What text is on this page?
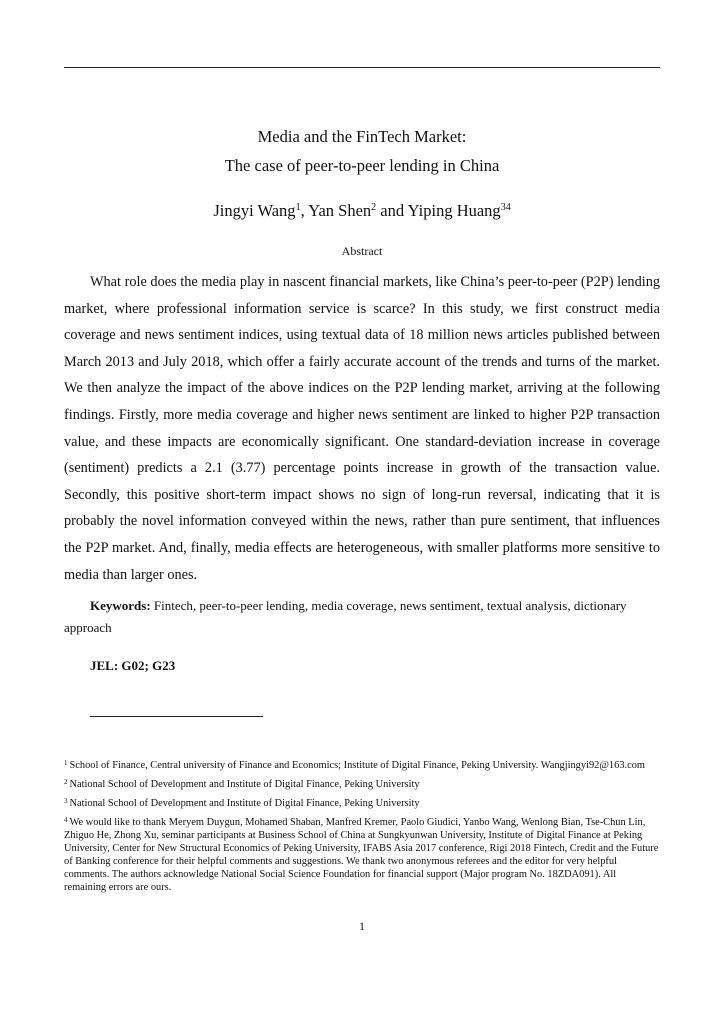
Media and the FinTech Market:
The case of peer-to-peer lending in China
Jingyi Wang$^1$, Yan Shen$^2$ and Yiping Huang$^{34}$
Abstract

What role does the media play in nascent financial markets, like China’s peer-to-peer (P2P) lending market, where professional information service is scarce? In this study, we first construct media coverage and news sentiment indices, using textual data of 18 million news articles published between March 2013 and July 2018, which offer a fairly accurate account of the trends and turns of the market. We then analyze the impact of the above indices on the P2P lending market, arriving at the following findings. Firstly, more media coverage and higher news sentiment are linked to higher P2P transaction value, and these impacts are economically significant. One standard-deviation increase in coverage (sentiment) predicts a 2.1 (3.77) percentage points increase in growth of the transaction value. Secondly, this positive short-term impact shows no sign of long-run reversal, indicating that it is probably the novel information conveyed within the news, rather than pure sentiment, that influences the P2P market. And, finally, media effects are heterogeneous, with smaller platforms more sensitive to media than larger ones.

Keywords: Fintech, peer-to-peer lending, media coverage, news sentiment, textual analysis, dictionary approach

JEL: G02; G23

$^1$ School of Finance, Central university of Finance and Economics; Institute of Digital Finance, Peking University. Wangjingyi92@163.com

$^2$ National School of Development and Institute of Digital Finance, Peking University

$^3$ National School of Development and Institute of Digital Finance, Peking University

$^4$ We would like to thank Meryem Duygun, Mohamed Shaban, Manfred Kremer, Paolo Giudici, Yanbo Wang, Wenlong Bian, Tse-Chun Lin, Zhiguo He, Zhong Xu, seminar participants at Business School of China at Sungkyunwan University, Institute of Digital Finance at Peking University, Center for New Structural Economics of Peking University, IFABS Asia 2017 conference, Rigi 2018 Fintech, Credit and the Future of Banking conference for their helpful comments and suggestions. We thank two anonymous referees and the editor for very helpful comments. The authors acknowledge National Social Science Foundation for financial support (Major program No. 18ZDA091). All remaining errors are ours.

1
